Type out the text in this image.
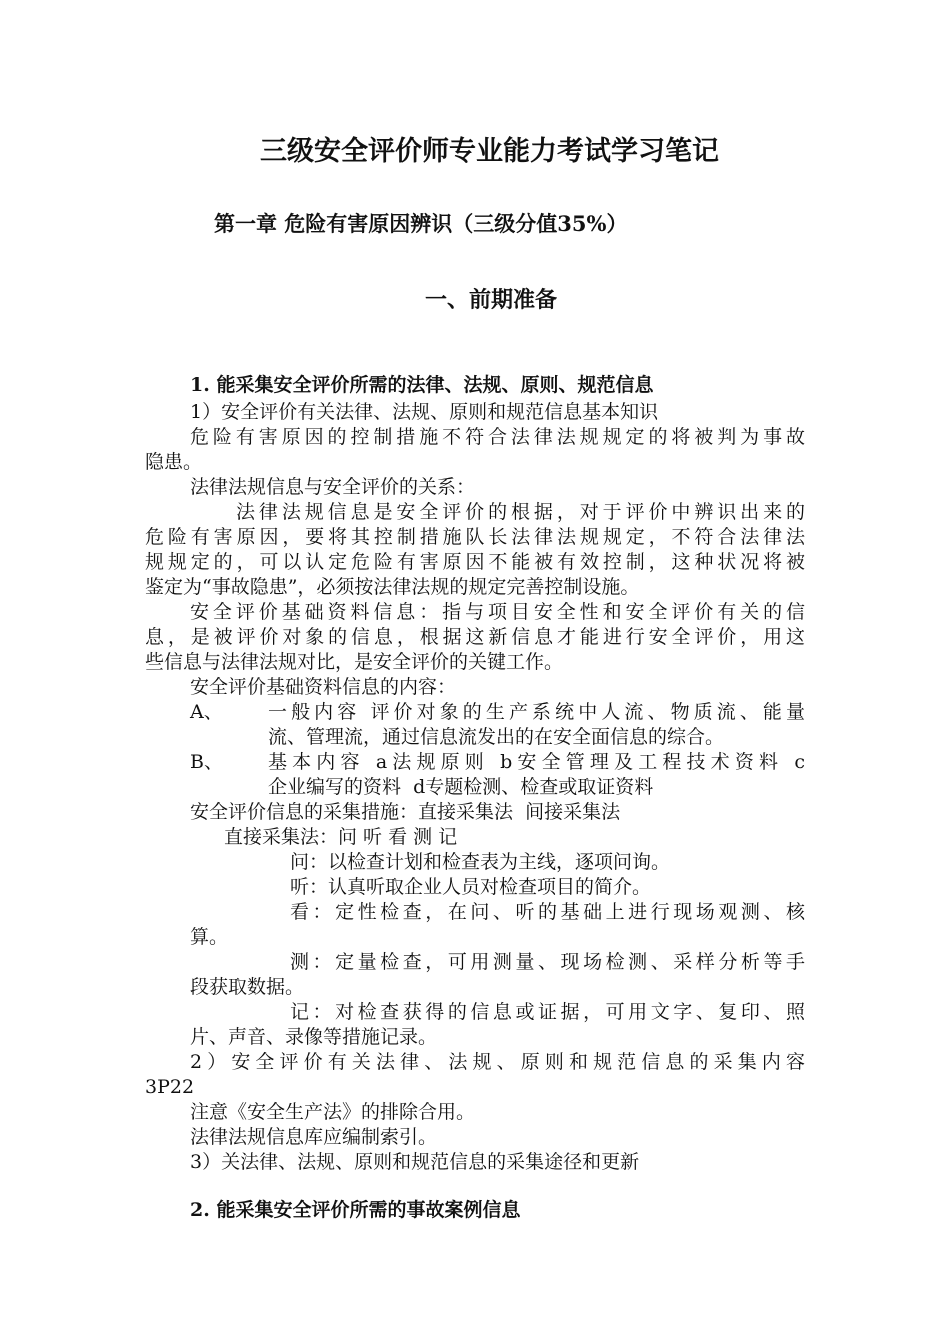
三级安全评价师专业能力考试学习笔记
第一章 危险有害原因辨识（三级分值35%）
一、前期准备
1. 能采集安全评价所需的法律、法规、原则、规范信息
1）安全评价有关法律、法规、原则和规范信息基本知识
危险有害原因的控制措施不符合法律法规规定的将被判为事故
隐患。
法律法规信息与安全评价的关系：
法律法规信息是安全评价的根据，对于评价中辨识出来的
危险有害原因，要将其控制措施队长法律法规规定，不符合法律法
规规定的，可以认定危险有害原因不能被有效控制，这种状况将被
鉴定为“事故隐患”，必须按法律法规的规定完善控制设施。
安全评价基础资料信息：指与项目安全性和安全评价有关的信
息，是被评价对象的信息，根据这新信息才能进行安全评价，用这
些信息与法律法规对比，是安全评价的关键工作。
安全评价基础资料信息的内容：
A、 一般内容 评价对象的生产系统中人流、物质流、能量
流、管理流，通过信息流发出的在安全面信息的综合。
B、 基本内容 a法规原则 b安全管理及工程技术资料 c
企业编写的资料  d专题检测、检查或取证资料
安全评价信息的采集措施：直接采集法  间接采集法
直接采集法：问 听 看 测 记
问：以检查计划和检查表为主线，逐项问询。
听：认真听取企业人员对检查项目的简介。
看：定性检查，在问、听的基础上进行现场观测、核
算。
测：定量检查，可用测量、现场检测、采样分析等手
段获取数据。
记：对检查获得的信息或证据，可用文字、复印、照
片、声音、录像等措施记录。
2）安全评价有关法律、法规、原则和规范信息的采集内容
3P22
注意《安全生产法》的排除合用。
法律法规信息库应编制索引。
3）关法律、法规、原则和规范信息的采集途径和更新
2. 能采集安全评价所需的事故案例信息
